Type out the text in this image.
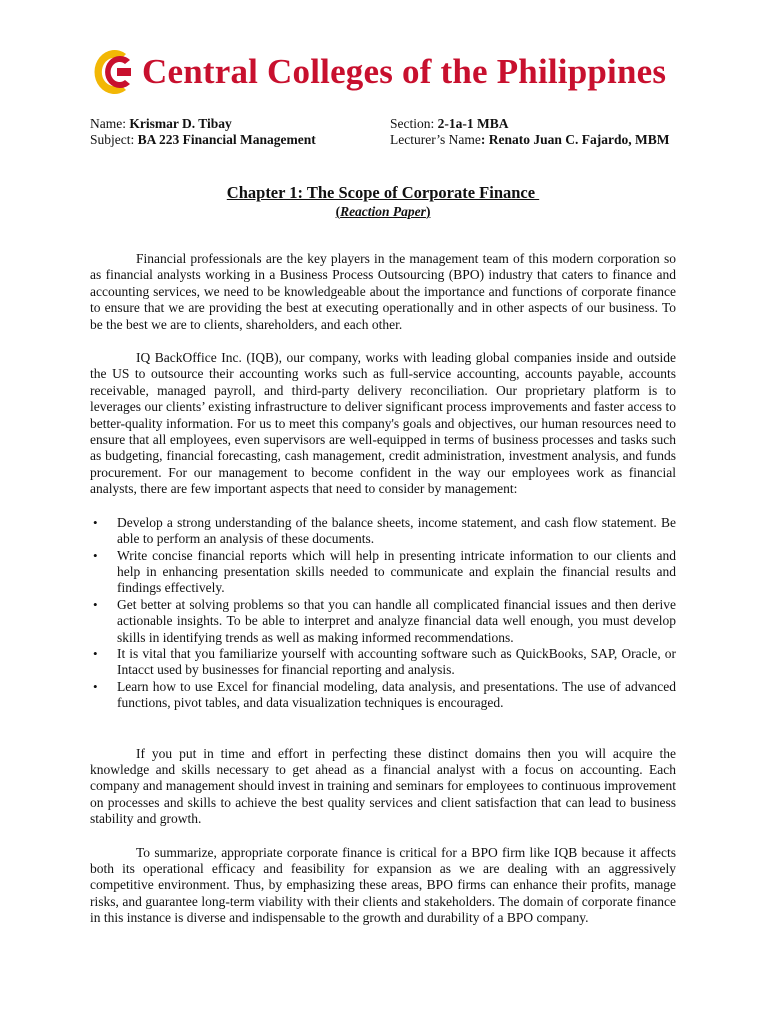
Central Colleges of the Philippines
Name: Krismar D. Tibay	Section: 2-1a-1 MBA
Subject: BA 223 Financial Management	Lecturer’s Name: Renato Juan C. Fajardo, MBM
Chapter 1: The Scope of Corporate Finance
(Reaction Paper)

Financial professionals are the key players in the management team of this modern corporation so as financial analysts working in a Business Process Outsourcing (BPO) industry that caters to finance and accounting services, we need to be knowledgeable about the importance and functions of corporate finance to ensure that we are providing the best at executing operationally and in other aspects of our business. To be the best we are to clients, shareholders, and each other.

IQ BackOffice Inc. (IQB), our company, works with leading global companies inside and outside the US to outsource their accounting works such as full-service accounting, accounts payable, accounts receivable, managed payroll, and third-party delivery reconciliation. Our proprietary platform is to leverages our clients’ existing infrastructure to deliver significant process improvements and faster access to better-quality information. For us to meet this company's goals and objectives, our human resources need to ensure that all employees, even supervisors are well-equipped in terms of business processes and tasks such as budgeting, financial forecasting, cash management, credit administration, investment analysis, and funds procurement. For our management to become confident in the way our employees work as financial analysts, there are few important aspects that need to consider by management:

• Develop a strong understanding of the balance sheets, income statement, and cash flow statement. Be able to perform an analysis of these documents.
• Write concise financial reports which will help in presenting intricate information to our clients and help in enhancing presentation skills needed to communicate and explain the financial results and findings effectively.
• Get better at solving problems so that you can handle all complicated financial issues and then derive actionable insights. To be able to interpret and analyze financial data well enough, you must develop skills in identifying trends as well as making informed recommendations.
• It is vital that you familiarize yourself with accounting software such as QuickBooks, SAP, Oracle, or Intacct used by businesses for financial reporting and analysis.
• Learn how to use Excel for financial modeling, data analysis, and presentations. The use of advanced functions, pivot tables, and data visualization techniques is encouraged.

If you put in time and effort in perfecting these distinct domains then you will acquire the knowledge and skills necessary to get ahead as a financial analyst with a focus on accounting. Each company and management should invest in training and seminars for employees to continuous improvement on processes and skills to achieve the best quality services and client satisfaction that can lead to business stability and growth.

To summarize, appropriate corporate finance is critical for a BPO firm like IQB because it affects both its operational efficacy and feasibility for expansion as we are dealing with an aggressively competitive environment. Thus, by emphasizing these areas, BPO firms can enhance their profits, manage risks, and guarantee long-term viability with their clients and stakeholders. The domain of corporate finance in this instance is diverse and indispensable to the growth and durability of a BPO company.
